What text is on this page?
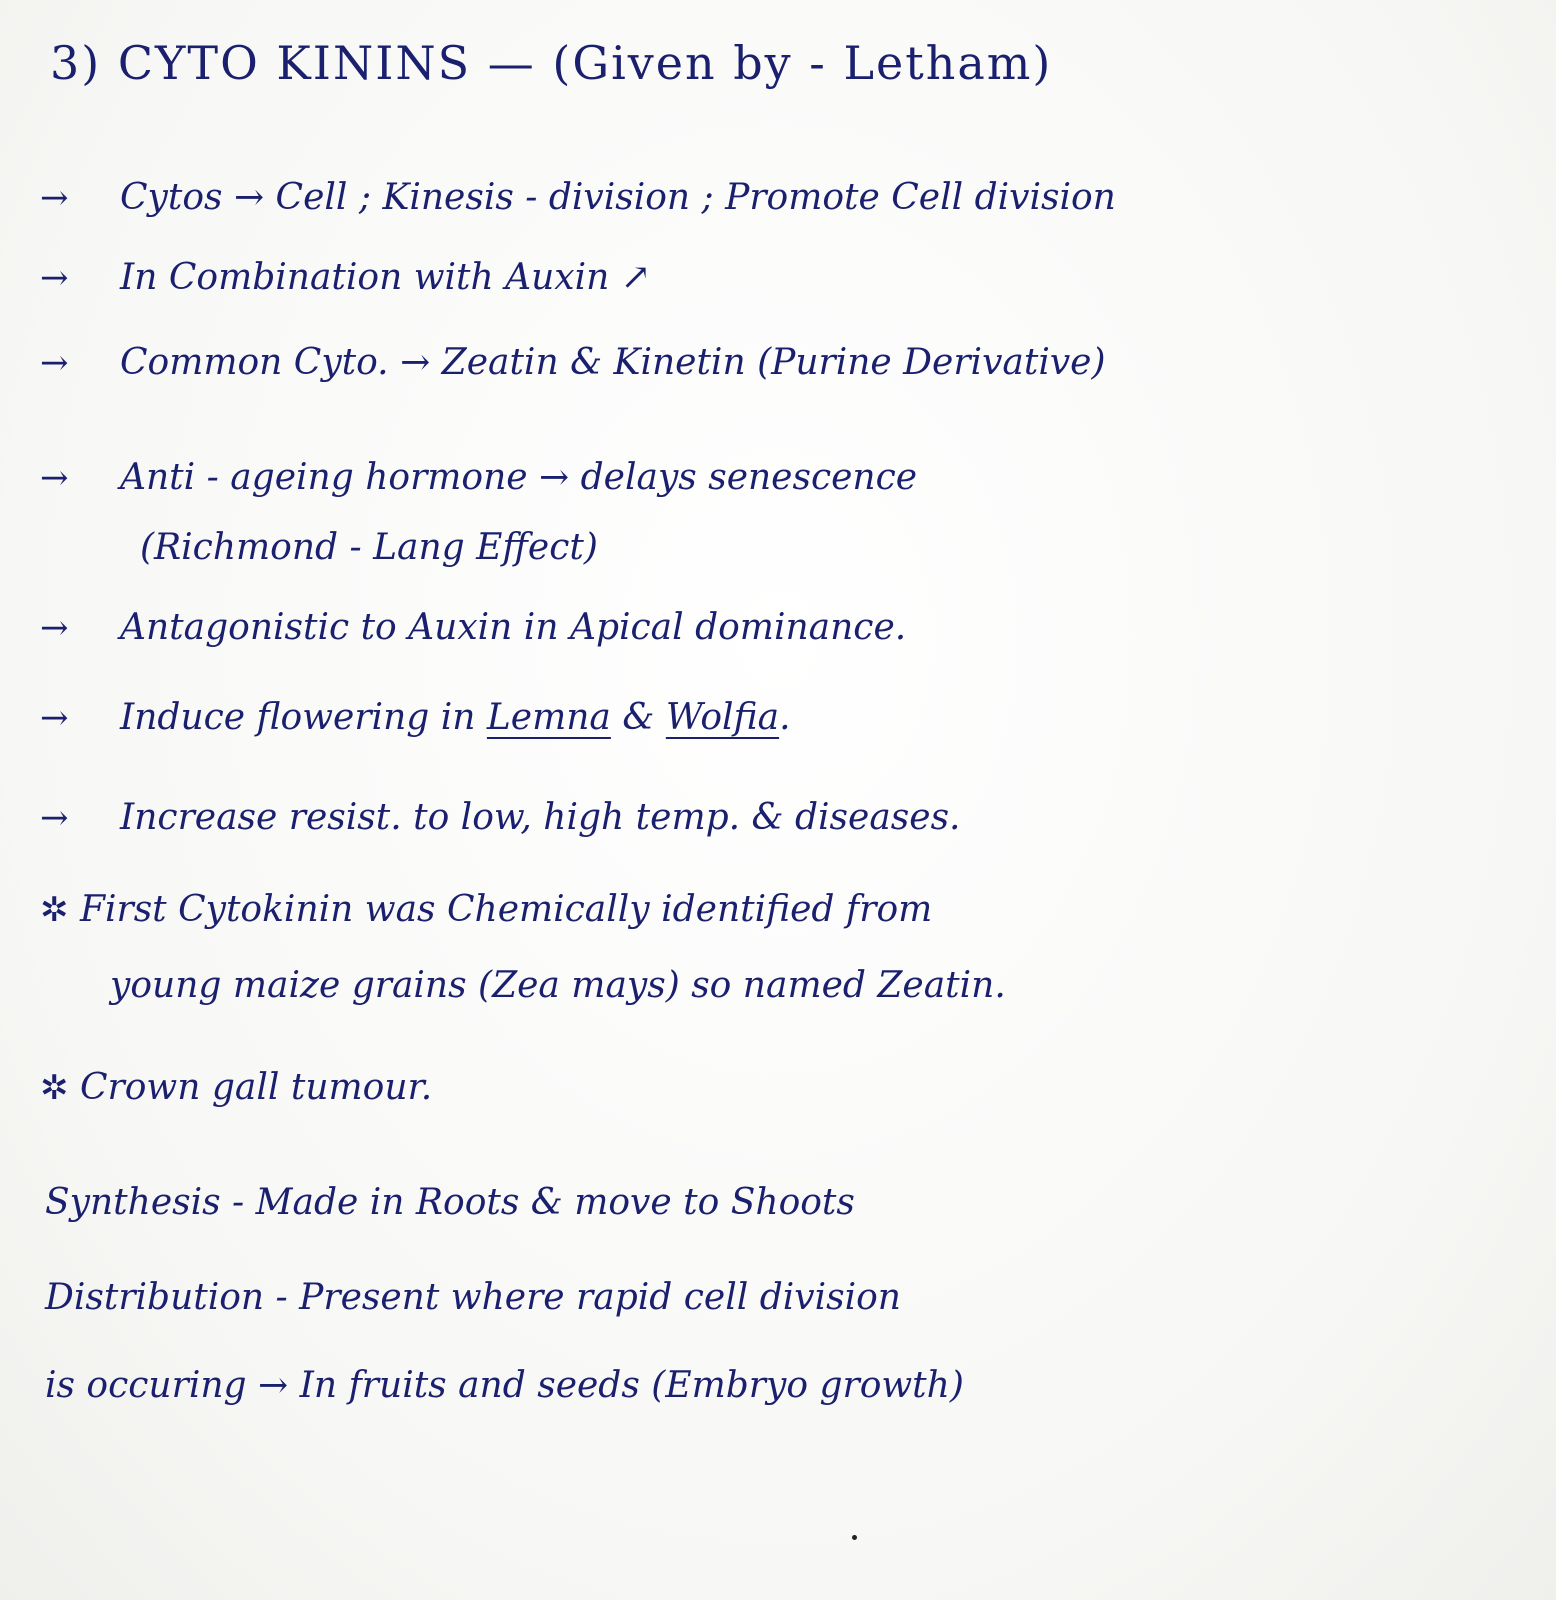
3) CYTO KININS — (Given by - Letham)
→ Cytos → Cell ; Kinesis - division ; Promote Cell division
→ In Combination with Auxin ↗
→ Common Cyto. → Zeatin & Kinetin (Purine Derivative)
→ Anti - ageing hormone → delays senescence
(Richmond - Lang Effect)
→ Antagonistic to Auxin in Apical dominance.
→ Induce flowering in Lemna & Wolfia.
→ Increase resist. to low, high temp. & diseases.
✲ First Cytokinin was Chemically identified from
young maize grains (Zea mays) so named Zeatin.
✲ Crown gall tumour.
Synthesis - Made in Roots & move to Shoots
Distribution - Present where rapid cell division
is occuring → In fruits and seeds (Embryo growth)
